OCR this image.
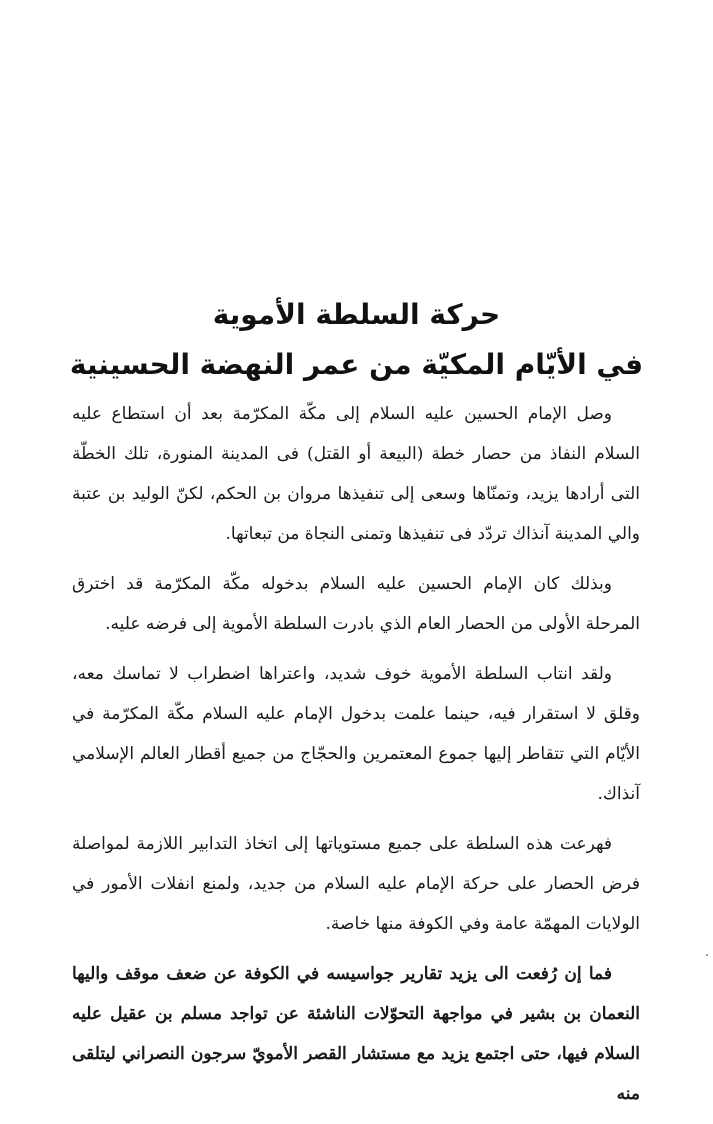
حركة السلطة الأموية
في الأيّام المكيّة من عمر النهضة الحسينية

وصل الإمام الحسين عليه السلام إلى مكّة المكرّمة بعد أن استطاع عليه السلام النفاذ من حصار خطة (البيعة أو القتل) فى المدينة المنورة، تلك الخطّة التى أرادها يزيد، وتمنّاها وسعى إلى تنفيذها مروان بن الحكم، لكنّ الوليد بن عتبة والي المدينة آنذاك تردّد فى تنفيذها وتمنى النجاة من تبعاتها.

وبذلك كان الإمام الحسين عليه السلام بدخوله مكّة المكرّمة قد اخترق المرحلة الأولى من الحصار العام الذي بادرت السلطة الأموية إلى فرضه عليه.

ولقد انتاب السلطة الأموية خوف شديد، واعتراها اضطراب لا تماسك معه، وقلق لا استقرار فيه، حينما علمت بدخول الإمام عليه السلام مكّة المكرّمة في الأيّام التي تتقاطر إليها جموع المعتمرين والحجّاج من جميع أقطار العالم الإسلامي آنذاك.

فهرعت هذه السلطة على جميع مستوياتها إلى اتخاذ التدابير اللازمة لمواصلة فرض الحصار على حركة الإمام عليه السلام من جديد، ولمنع انفلات الأمور في الولايات المهمّة عامة وفي الكوفة منها خاصة.

فما إن رُفعت الى يزيد تقارير جواسيسه في الكوفة عن ضعف موقف واليها النعمان بن بشير في مواجهة التحوّلات الناشئة عن تواجد مسلم بن عقيل عليه السلام فيها، حتى اجتمع يزيد مع مستشار القصر الأمويّ سرجون النصراني ليتلقى منه
